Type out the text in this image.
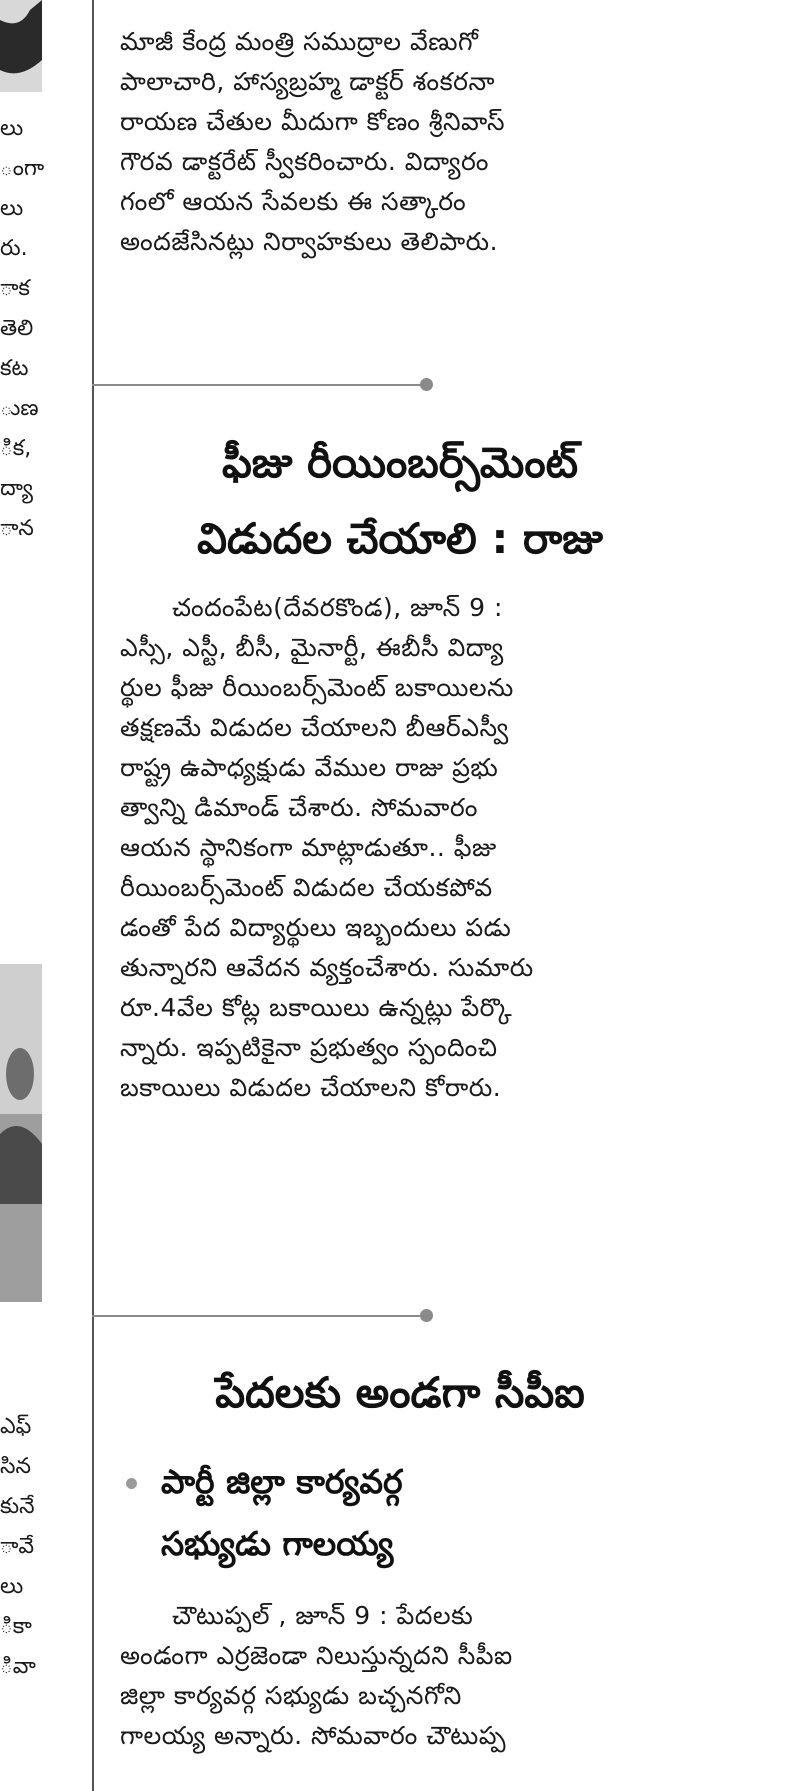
లు
ంగా
లు
రు.
ాక
తెలి
కట
ుణ
ిక,
ద్యా
ాన
ఎఫ్
సిన
కునే
ావే
లు
ికా
ివా
మాజీ కేంద్ర మంత్రి సముద్రాల వేణుగో
పాలాచారి, హాస్యబ్రహ్మ డాక్టర్ శంకరనా
రాయణ చేతుల మీదుగా కోణం శ్రీనివాస్
గౌరవ డాక్టరేట్ స్వీకరించారు. విద్యారం
గంలో ఆయన సేవలకు ఈ సత్కారం
అందజేసినట్లు నిర్వాహకులు తెలిపారు.
ఫీజు రీయింబర్స్‌మెంట్
విడుదల చేయాలి : రాజు
చందంపేట(దేవరకొండ), జూన్ 9 :
ఎస్సీ, ఎస్టీ, బీసీ, మైనార్టీ, ఈబీసీ విద్యా
ర్థుల ఫీజు రీయింబర్స్‌మెంట్ బకాయిలను
తక్షణమే విడుదల చేయాలని బీఆర్ఎస్వీ
రాష్ట్ర ఉపాధ్యక్షుడు వేముల రాజు ప్రభు
త్వాన్ని డిమాండ్ చేశారు. సోమవారం
ఆయన స్థానికంగా మాట్లాడుతూ.. ఫీజు
రీయింబర్స్‌మెంట్ విడుదల చేయకపోవ
డంతో పేద విద్యార్థులు ఇబ్బందులు పడు
తున్నారని ఆవేదన వ్యక్తంచేశారు. సుమారు
రూ.4వేల కోట్ల బకాయిలు ఉన్నట్లు పేర్కొ
న్నారు. ఇప్పటికైనా ప్రభుత్వం స్పందించి
బకాయిలు విడుదల చేయాలని కోరారు.
పేదలకు అండగా సీపీఐ
పార్టీ జిల్లా కార్యవర్గ
సభ్యుడు గాలయ్య
చౌటుప్పల్ , జూన్ 9 : పేదలకు
అండంగా ఎర్రజెండా నిలుస్తున్నదని సీపీఐ
జిల్లా కార్యవర్గ సభ్యుడు బచ్చనగోని
గాలయ్య అన్నారు. సోమవారం చౌటుప్ప
